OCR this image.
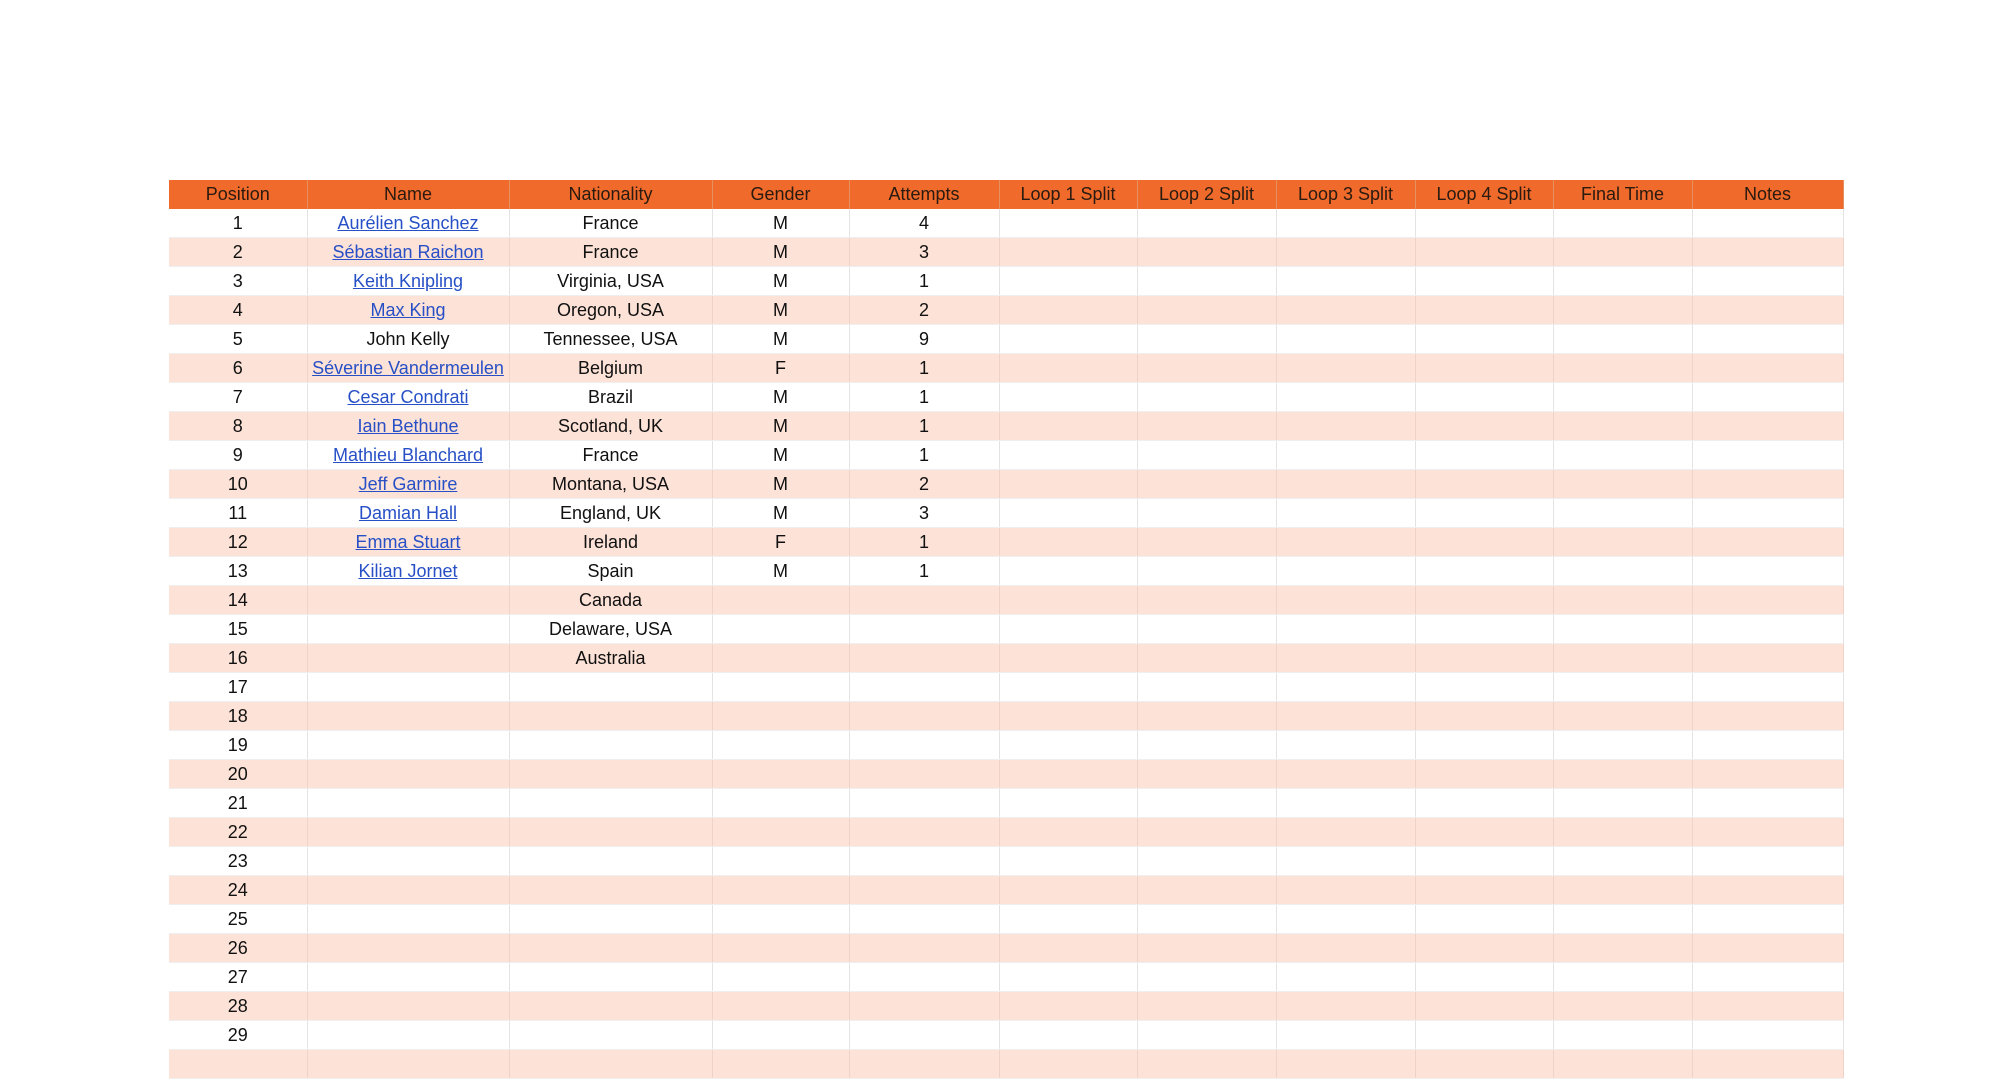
Position	Name	Nationality	Gender	Attempts	Loop 1 Split	Loop 2 Split	Loop 3 Split	Loop 4 Split	Final Time	Notes
1	Aurélien Sanchez	France	M	4						
2	Sébastian Raichon	France	M	3						
3	Keith Knipling	Virginia, USA	M	1						
4	Max King	Oregon, USA	M	2						
5	John Kelly	Tennessee, USA	M	9						
6	Séverine Vandermeulen	Belgium	F	1						
7	Cesar Condrati	Brazil	M	1						
8	Iain Bethune	Scotland, UK	M	1						
9	Mathieu Blanchard	France	M	1						
10	Jeff Garmire	Montana, USA	M	2						
11	Damian Hall	England, UK	M	3						
12	Emma Stuart	Ireland	F	1						
13	Kilian Jornet	Spain	M	1						
14		Canada								
15		Delaware, USA								
16		Australia								
17										
18										
19										
20										
21										
22										
23										
24										
25										
26										
27										
28										
29										
